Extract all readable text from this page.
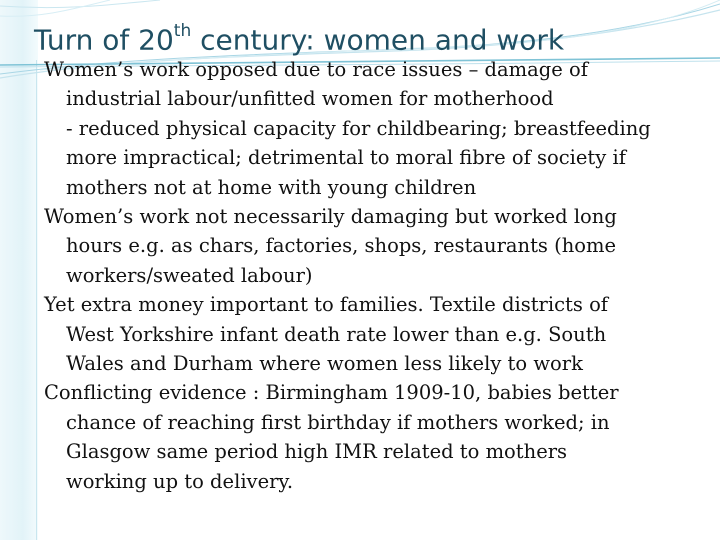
Turn of 20th century: women and work

Women’s work opposed due to race issues – damage of
industrial labour/unfitted women for motherhood

- reduced physical capacity for childbearing; breastfeeding
more impractical; detrimental to moral fibre of society if
mothers not at home with young children

Women’s work not necessarily damaging but worked long
hours e.g. as chars, factories, shops, restaurants (home
workers/sweated labour)

Yet extra money important to families. Textile districts of
West Yorkshire infant death rate lower than e.g. South
Wales and Durham where women less likely to work

Conflicting evidence : Birmingham 1909-10, babies better
chance of reaching first birthday if mothers worked; in
Glasgow same period high IMR related to mothers
working up to delivery.
